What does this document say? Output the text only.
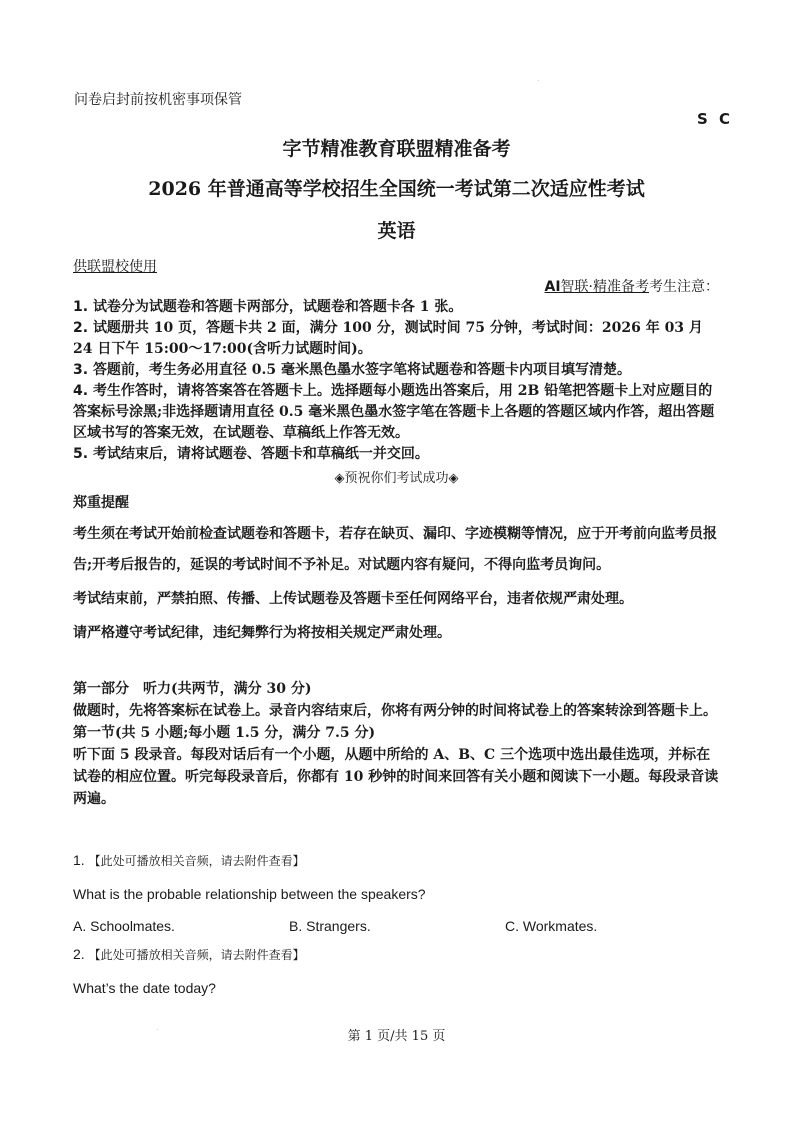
问卷启封前按机密事项保管
S C
字节精准教育联盟精准备考
2026 年普通高等学校招生全国统一考试第二次适应性考试
英语
供联盟校使用
AI智联·精准备考考生注意：

1. 试卷分为试题卷和答题卡两部分，试题卷和答题卡各 1 张。

2. 试题册共 10 页，答题卡共 2 面，满分 100 分，测试时间 75 分钟，考试时间：2026 年 03 月 24 日下午 15:00～17:00(含听力试题时间)。

3. 答题前，考生务必用直径 0.5 毫米黑色墨水签字笔将试题卷和答题卡内项目填写清楚。

4. 考生作答时，请将答案答在答题卡上。选择题每小题选出答案后，用 2B 铅笔把答题卡上对应题目的答案标号涂黑;非选择题请用直径 0.5 毫米黑色墨水签字笔在答题卡上各题的答题区域内作答，超出答题区域书写的答案无效，在试题卷、草稿纸上作答无效。

5. 考试结束后，请将试题卷、答题卡和草稿纸一并交回。

◈预祝你们考试成功◈
郑重提醒

考生须在考试开始前检查试题卷和答题卡，若存在缺页、漏印、字迹模糊等情况，应于开考前向监考员报告;开考后报告的，延误的考试时间不予补足。对试题内容有疑问，不得向监考员询问。

考试结束前，严禁拍照、传播、上传试题卷及答题卡至任何网络平台，违者依规严肃处理。

请严格遵守考试纪律，违纪舞弊行为将按相关规定严肃处理。

第一部分　听力(共两节，满分 30 分)

做题时，先将答案标在试卷上。录音内容结束后，你将有两分钟的时间将试卷上的答案转涂到答题卡上。

第一节(共 5 小题;每小题 1.5 分，满分 7.5 分)

听下面 5 段录音。每段对话后有一个小题，从题中所给的 A、B、C 三个选项中选出最佳选项，并标在试卷的相应位置。听完每段录音后，你都有 10 秒钟的时间来回答有关小题和阅读下一小题。每段录音读两遍。

1. 【此处可播放相关音频，请去附件查看】
What is the probable relationship between the speakers?
A. Schoolmates.	B. Strangers.	C. Workmates.
2. 【此处可播放相关音频，请去附件查看】
What’s the date today?
第 1 页/共 15 页
